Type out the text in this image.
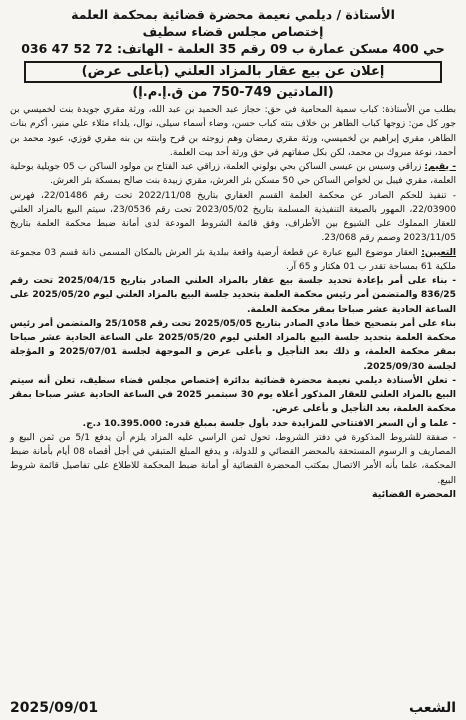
الأستاذة / ديلمي نعيمة محضرة قضائية بمحكمة العلمة
إختصاص مجلس قضاء سطيف
حي 400 مسكن عمارة ب 09 رقم 35 العلمة - الهاتف: 72 52 47 036
إعلان عن بيع عقار بالمزاد العلني (بأعلى عرض)
(المادتين 749-750 من ق.إ.م.إ)

بطلب من الأستاذة: كباب سمية المحامية في حق: حجاز عبد الحميد بن عبد الله، ورثة مقري جويدة بنت لخميسي بن جور كل من: زوجها كباب الطاهر بن خلاف بنته كباب حسن، وضاء أسماء سيلى، نوال، يلداء مثلاء علي منير، أكرم بنات الطاهر، مقري إبراهيم بن لخميسي، ورثة مقري رمضان وهم زوجته بن فرح وابنته بن بنه مقري فوزي، عبود محمد بن أحمد، نوعة مبروك بن محمد، لكن بكل صفاتهم في حق ورثة أحد بيت العلمة.

- يقيم: زراقي وسيس بن عيسى الساكن بحي بولوني العلمة، زراقي عبد الفتاح بن مولود الساكن ب 05 جويلية بوحلية العلمة، مقري فيبل بن لخواص الساكن حي 50 مسكن بئر العرش، مقري زبيدة بنت صالح بمسكة بئر العرش.

- تنفيذ للحكم الصادر عن محكمة العلمة القسم العقاري بتاريخ 2022/11/08 تحت رقم 22/01486، فهرس 22/03900، المهور بالصيغة التنفيذية المسلمة بتاريخ 2023/05/02 تحت رقم 23/0536، سيتم البيع بالمزاد العلني للعقار المملوك على الشيوع بين الأطراف، وفق قائمة الشروط المودعة لدى أمانة ضبط محكمة العلمة بتاريخ 2023/11/05 وصمم رقم 23/068.

التعيين: العقار موضوع البيع عبارة عن قطعة أرضية واقعة ببلدية بئر العرش بالمكان المسمى ذانة قسم 03 مجموعة ملكية 61 بمساحة تقدر ب 01 هكتار و 65 آر.

- بناء على أمر بإعادة تحديد جلسة بيع عقار بالمزاد العلني الصادر بتاريخ 2025/04/15 تحت رقم 836/25 والمتضمن أمر رئيس محكمة العلمة بتحديد جلسة البيع بالمزاد العلني ليوم 2025/05/20 على الساعة الحادية عشر صباحا بمقر محكمة العلمة.

بناء على أمر بتصحيح خطأ مادي الصادر بتاريخ 2025/05/05 تحت رقم 25/1058 والمتضمن أمر رئيس محكمة العلمة بتحديد جلسة البيع بالمزاد العلني ليوم 2025/05/20 على الساعة الحادية عشر صباحا بمقر محكمة العلمة، و ذلك بعد التأجيل و بأعلى عرض و الموجهة لجلسة 2025/07/01 و المؤجلة لجلسة 2025/09/30.

- تعلن الأستاذة ديلمي نعيمة محضرة قضائية بدائرة إختصاص مجلس قضاء سطيف، تعلن أنه سيتم البيع بالمزاد العلني للعقار المذكور أعلاه يوم 30 سبتمبر 2025 في الساعة الحادية عشر صباحا بمقر محكمة العلمة، بعد التأجيل و بأعلى عرض.

- علما و أن السعر الافتتاحي للمزايدة حدد بأول جلسة بمبلغ قدره: 10.395.000 د.ج.

- صفقة للشروط المذكورة في دفتر الشروط، تحول ثمن الراسي عليه المزاد يلزم أن يدفع 5/1 من ثمن البيع و المصاريف و الرسوم المستحقة بالمحضر القضائي و للدولة، و يدفع المبلغ المتبقي في أجل أقصاه 08 أيام بأمانة ضبط المحكمة، علما بأنه الأمر الاتصال بمكتب المحضرة القضائية أو أمانة ضبط المحكمة للاطلاع على تفاصيل قائمة شروط البيع.

المحضرة القضائية
الشعب
2025/09/01
